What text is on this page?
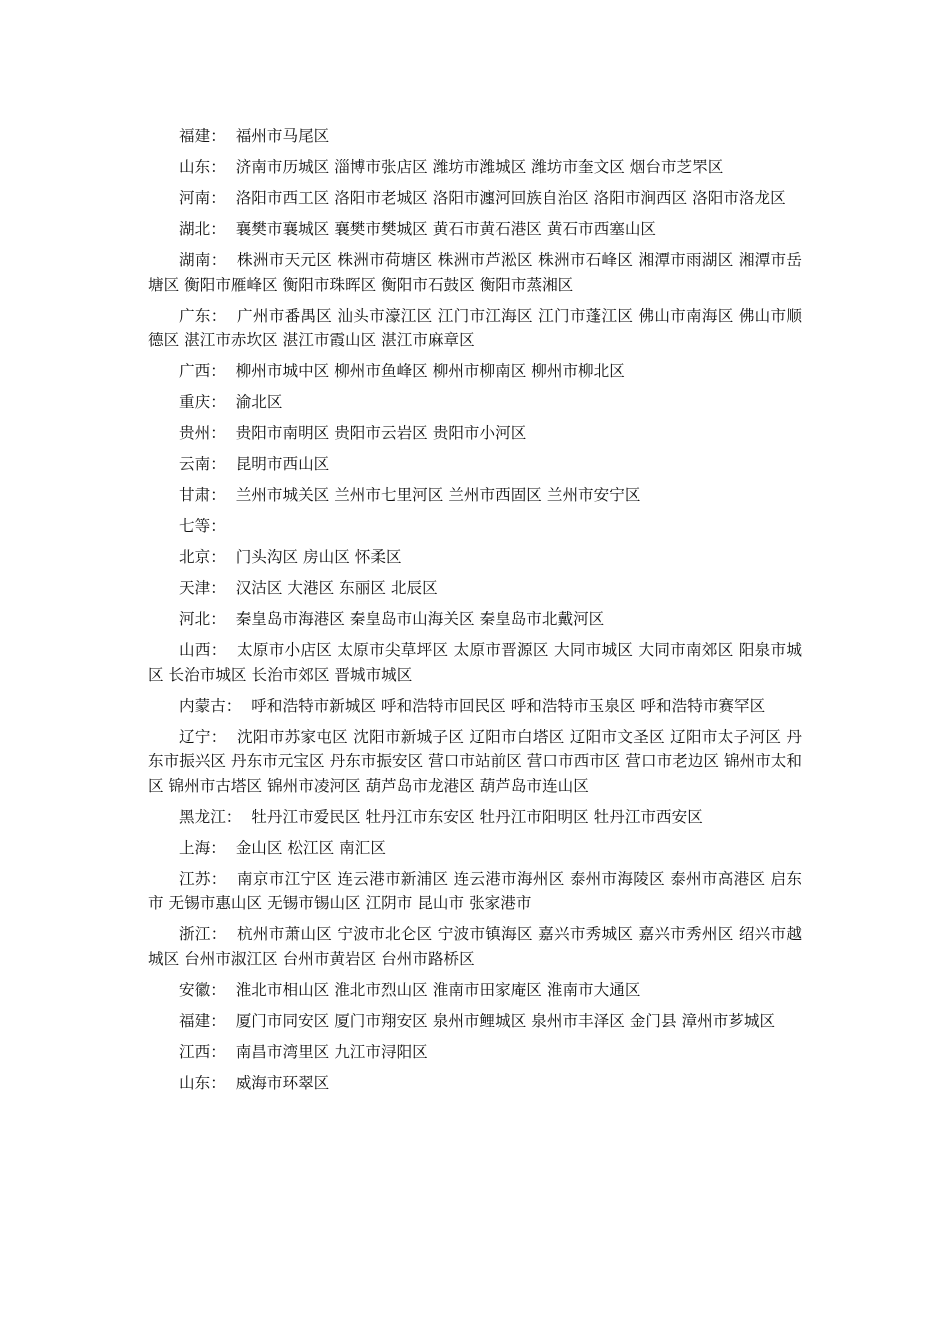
福建：  福州市马尾区

山东：  济南市历城区 淄博市张店区 潍坊市潍城区 潍坊市奎文区 烟台市芝罘区

河南：  洛阳市西工区 洛阳市老城区 洛阳市瀍河回族自治区 洛阳市涧西区 洛阳市洛龙区

湖北：  襄樊市襄城区 襄樊市樊城区 黄石市黄石港区 黄石市西塞山区

湖南：  株洲市天元区 株洲市荷塘区 株洲市芦淞区 株洲市石峰区 湘潭市雨湖区 湘潭市岳塘区 衡阳市雁峰区 衡阳市珠晖区 衡阳市石鼓区 衡阳市蒸湘区

广东：  广州市番禺区 汕头市濠江区 江门市江海区 江门市蓬江区 佛山市南海区 佛山市顺德区 湛江市赤坎区 湛江市霞山区 湛江市麻章区

广西：  柳州市城中区 柳州市鱼峰区 柳州市柳南区 柳州市柳北区

重庆：  渝北区

贵州：  贵阳市南明区 贵阳市云岩区 贵阳市小河区

云南：  昆明市西山区

甘肃：  兰州市城关区 兰州市七里河区 兰州市西固区 兰州市安宁区

七等：

北京：  门头沟区 房山区 怀柔区

天津：  汉沽区 大港区 东丽区 北辰区

河北：  秦皇岛市海港区 秦皇岛市山海关区 秦皇岛市北戴河区

山西：  太原市小店区 太原市尖草坪区 太原市晋源区 大同市城区 大同市南郊区 阳泉市城区 长治市城区 长治市郊区 晋城市城区

内蒙古：  呼和浩特市新城区 呼和浩特市回民区 呼和浩特市玉泉区 呼和浩特市赛罕区

辽宁：  沈阳市苏家屯区 沈阳市新城子区 辽阳市白塔区 辽阳市文圣区 辽阳市太子河区 丹东市振兴区 丹东市元宝区 丹东市振安区 营口市站前区 营口市西市区 营口市老边区 锦州市太和区 锦州市古塔区 锦州市凌河区 葫芦岛市龙港区 葫芦岛市连山区

黑龙江：  牡丹江市爱民区 牡丹江市东安区 牡丹江市阳明区 牡丹江市西安区

上海：  金山区 松江区 南汇区

江苏：  南京市江宁区 连云港市新浦区 连云港市海州区 泰州市海陵区 泰州市高港区 启东市 无锡市惠山区 无锡市锡山区 江阴市 昆山市 张家港市

浙江：  杭州市萧山区 宁波市北仑区 宁波市镇海区 嘉兴市秀城区 嘉兴市秀州区 绍兴市越城区 台州市淑江区 台州市黄岩区 台州市路桥区

安徽：  淮北市相山区 淮北市烈山区 淮南市田家庵区 淮南市大通区

福建：  厦门市同安区 厦门市翔安区 泉州市鲤城区 泉州市丰泽区 金门县 漳州市芗城区

江西：  南昌市湾里区 九江市浔阳区

山东：  威海市环翠区
